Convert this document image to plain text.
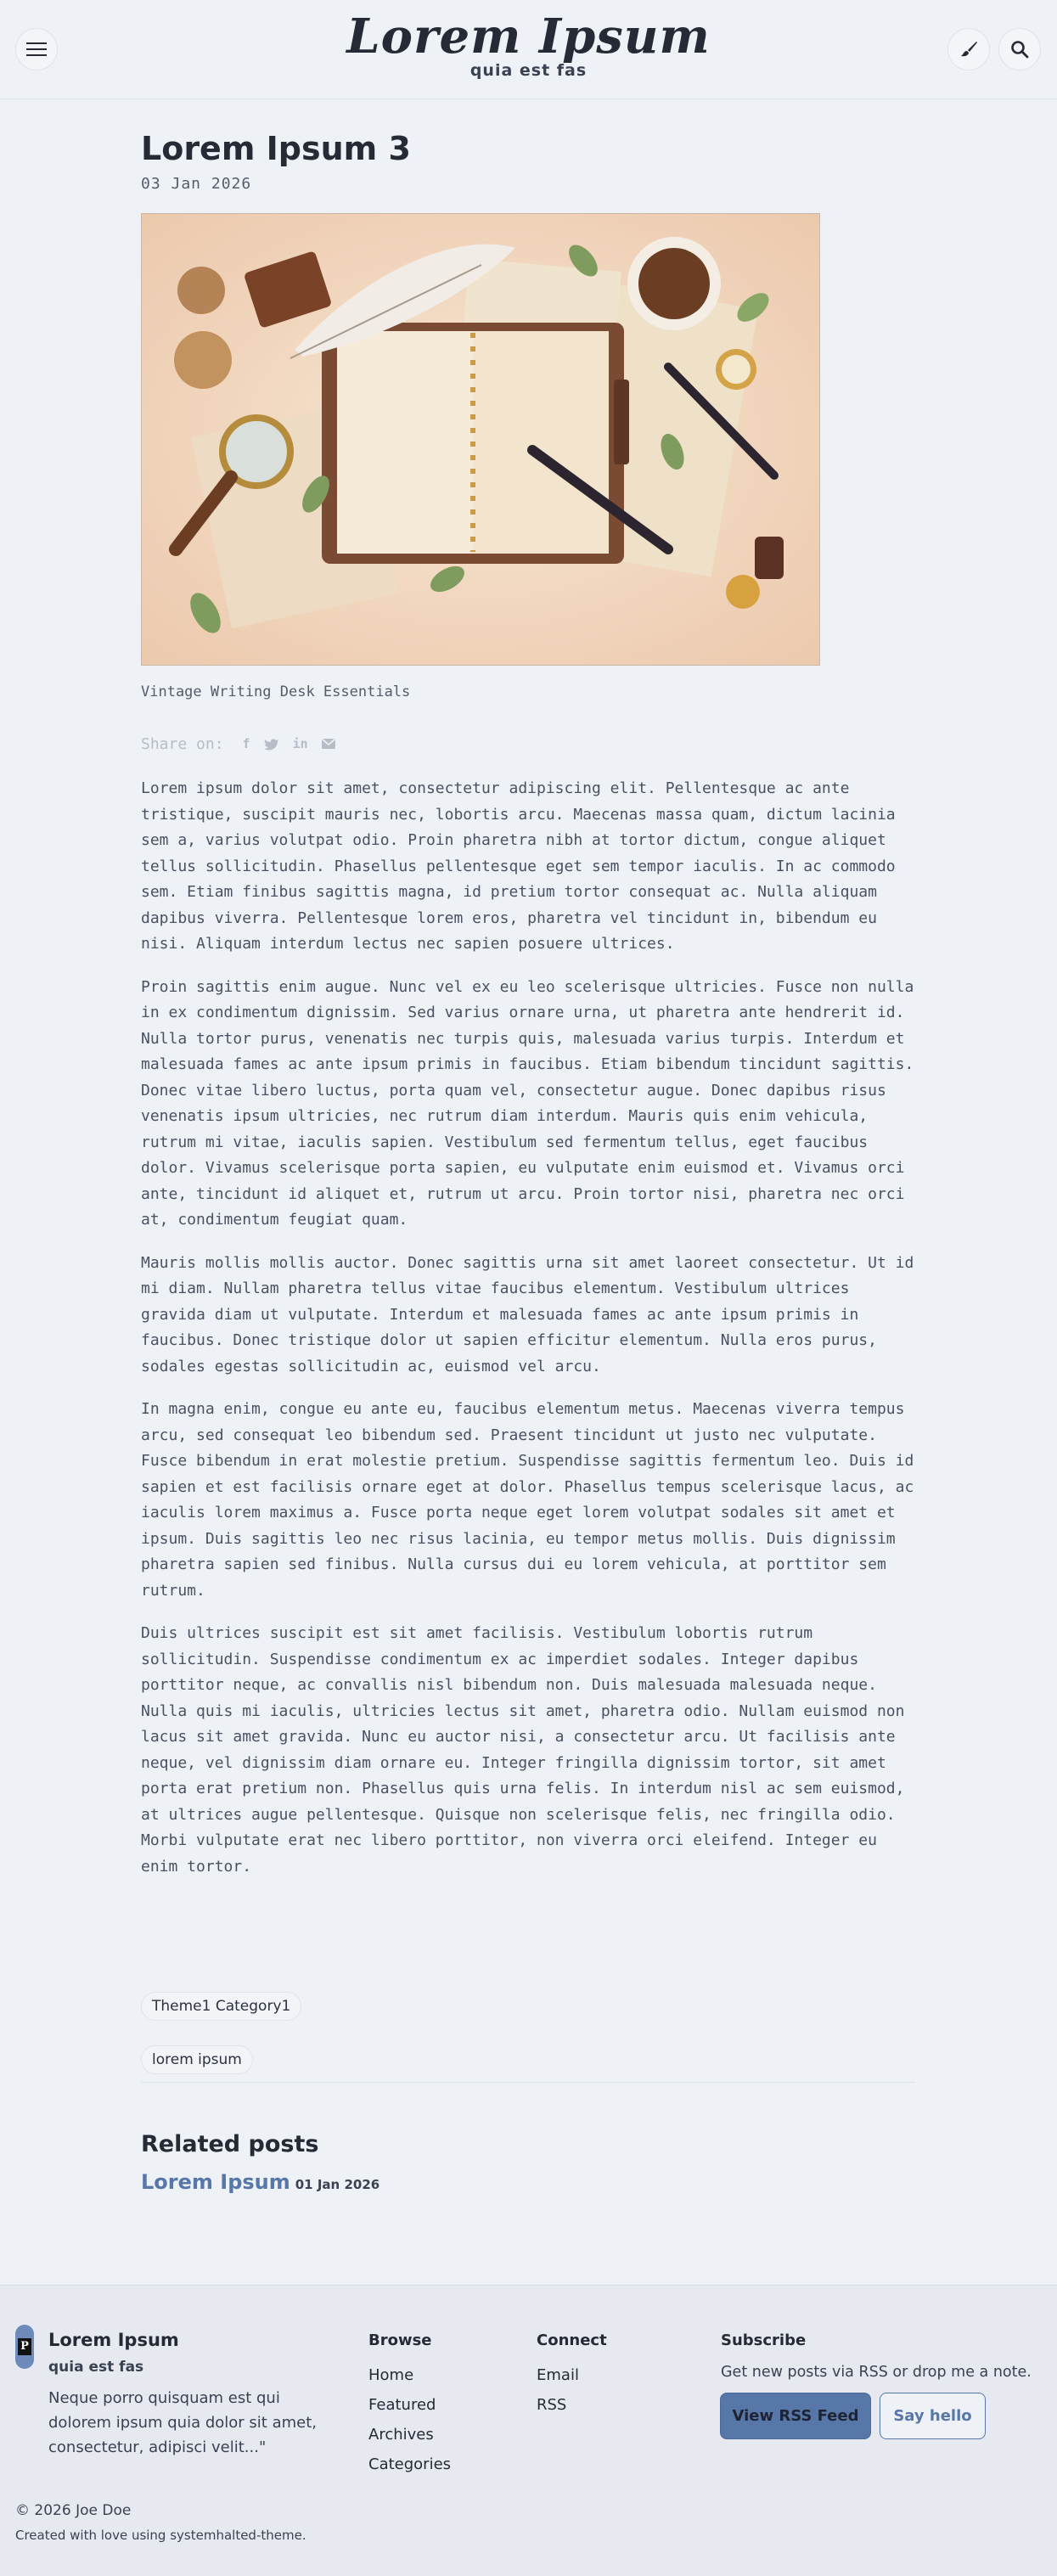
Lorem Ipsum
quia est fas
Lorem Ipsum 3
03 Jan 2026
Vintage Writing Desk Essentials
Share on: f	in

Lorem ipsum dolor sit amet, consectetur adipiscing elit. Pellentesque ac ante tristique, suscipit mauris nec, lobortis arcu. Maecenas massa quam, dictum lacinia sem a, varius volutpat odio. Proin pharetra nibh at tortor dictum, congue aliquet tellus sollicitudin. Phasellus pellentesque eget sem tempor iaculis. In ac commodo sem. Etiam finibus sagittis magna, id pretium tortor consequat ac. Nulla aliquam dapibus viverra. Pellentesque lorem eros, pharetra vel tincidunt in, bibendum eu nisi. Aliquam interdum lectus nec sapien posuere ultrices.

Proin sagittis enim augue. Nunc vel ex eu leo scelerisque ultricies. Fusce non nulla in ex condimentum dignissim. Sed varius ornare urna, ut pharetra ante hendrerit id. Nulla tortor purus, venenatis nec turpis quis, malesuada varius turpis. Interdum et malesuada fames ac ante ipsum primis in faucibus. Etiam bibendum tincidunt sagittis. Donec vitae libero luctus, porta quam vel, consectetur augue. Donec dapibus risus venenatis ipsum ultricies, nec rutrum diam interdum. Mauris quis enim vehicula, rutrum mi vitae, iaculis sapien. Vestibulum sed fermentum tellus, eget faucibus dolor. Vivamus scelerisque porta sapien, eu vulputate enim euismod et. Vivamus orci ante, tincidunt id aliquet et, rutrum ut arcu. Proin tortor nisi, pharetra nec orci at, condimentum feugiat quam.

Mauris mollis mollis auctor. Donec sagittis urna sit amet laoreet consectetur. Ut id mi diam. Nullam pharetra tellus vitae faucibus elementum. Vestibulum ultrices gravida diam ut vulputate. Interdum et malesuada fames ac ante ipsum primis in faucibus. Donec tristique dolor ut sapien efficitur elementum. Nulla eros purus, sodales egestas sollicitudin ac, euismod vel arcu.

In magna enim, congue eu ante eu, faucibus elementum metus. Maecenas viverra tempus arcu, sed consequat leo bibendum sed. Praesent tincidunt ut justo nec vulputate. Fusce bibendum in erat molestie pretium. Suspendisse sagittis fermentum leo. Duis id sapien et est facilisis ornare eget at dolor. Phasellus tempus scelerisque lacus, ac iaculis lorem maximus a. Fusce porta neque eget lorem volutpat sodales sit amet et ipsum. Duis sagittis leo nec risus lacinia, eu tempor metus mollis. Duis dignissim pharetra sapien sed finibus. Nulla cursus dui eu lorem vehicula, at porttitor sem rutrum.

Duis ultrices suscipit est sit amet facilisis. Vestibulum lobortis rutrum sollicitudin. Suspendisse condimentum ex ac imperdiet sodales. Integer dapibus porttitor neque, ac convallis nisl bibendum non. Duis malesuada malesuada neque. Nulla quis mi iaculis, ultricies lectus sit amet, pharetra odio. Nullam euismod non lacus sit amet gravida. Nunc eu auctor nisi, a consectetur arcu. Ut facilisis ante neque, vel dignissim diam ornare eu. Integer fringilla dignissim tortor, sit amet porta erat pretium non. Phasellus quis urna felis. In interdum nisl ac sem euismod, at ultrices augue pellentesque. Quisque non scelerisque felis, nec fringilla odio. Morbi vulputate erat nec libero porttitor, non viverra orci eleifend. Integer eu enim tortor.

Theme1 Category1
lorem ipsum
Related posts
Lorem Ipsum 01 Jan 2026
P Lorem Ipsum
quia est fas
Neque porro quisquam est qui dolorem ipsum quia dolor sit amet, consectetur, adipisci velit..."
Browse
Home
Featured
Archives
Categories
Connect
Email
RSS
Subscribe
Get new posts via RSS or drop me a note.
© 2026 Joe Doe
Created with love using systemhalted-theme.
View RSS Feed	Say hello
